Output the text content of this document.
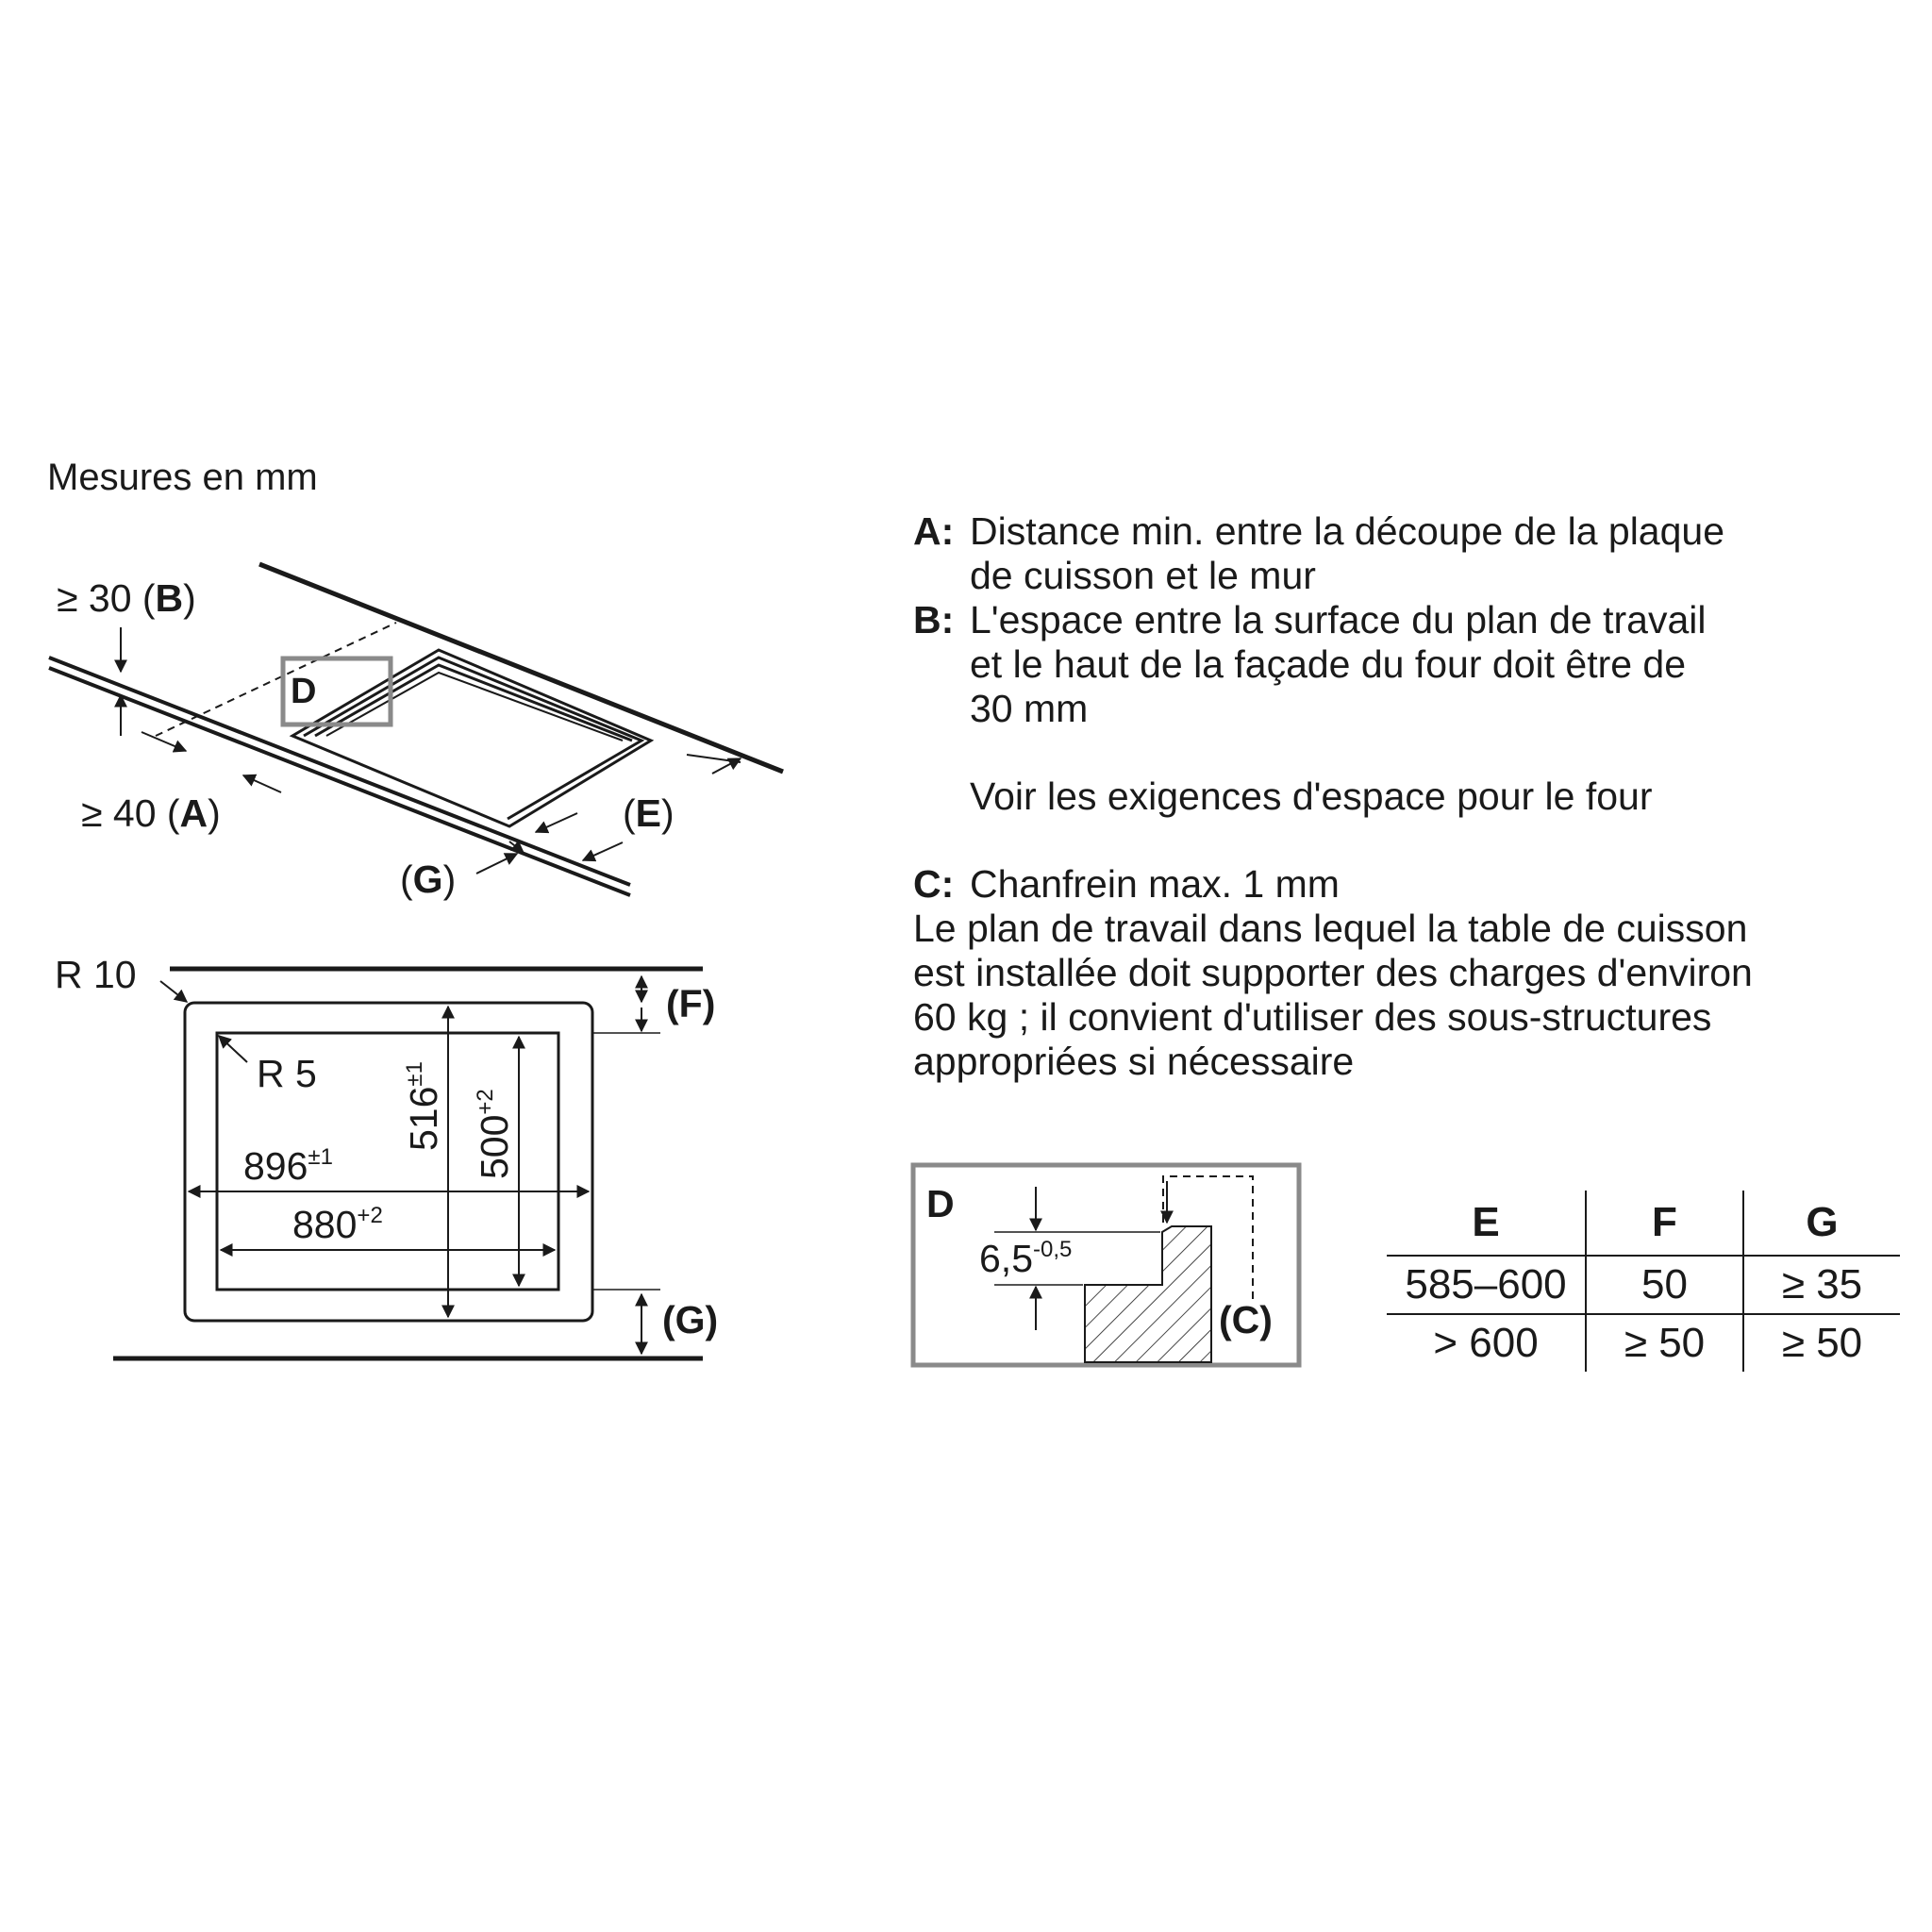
Mesures en mm
D
≥ 30 (B)
≥ 40 (A)	(E)
(G)
R 10
R 5
$896^{\pm 1}$
$880^{+2}$
$516^{\pm 1}$
$500^{+2}$
(F)
(G)
A: Distance min. entre la découpe de la plaque
de cuisson et le mur
B: L'espace entre la surface du plan de travail
et le haut de la façade du four doit être de
30 mm
Voir les exigences d'espace pour le four
C: Chanfrein max. 1 mm
Le plan de travail dans lequel la table de cuisson
est installée doit supporter des charges d'environ
60 kg ; il convient d'utiliser des sous-structures
appropriées si nécessaire
D
$6,5^{-0,5}$
(C)
E	F	G
585–600	50	≥ 35
> 600	≥ 50	≥ 50
